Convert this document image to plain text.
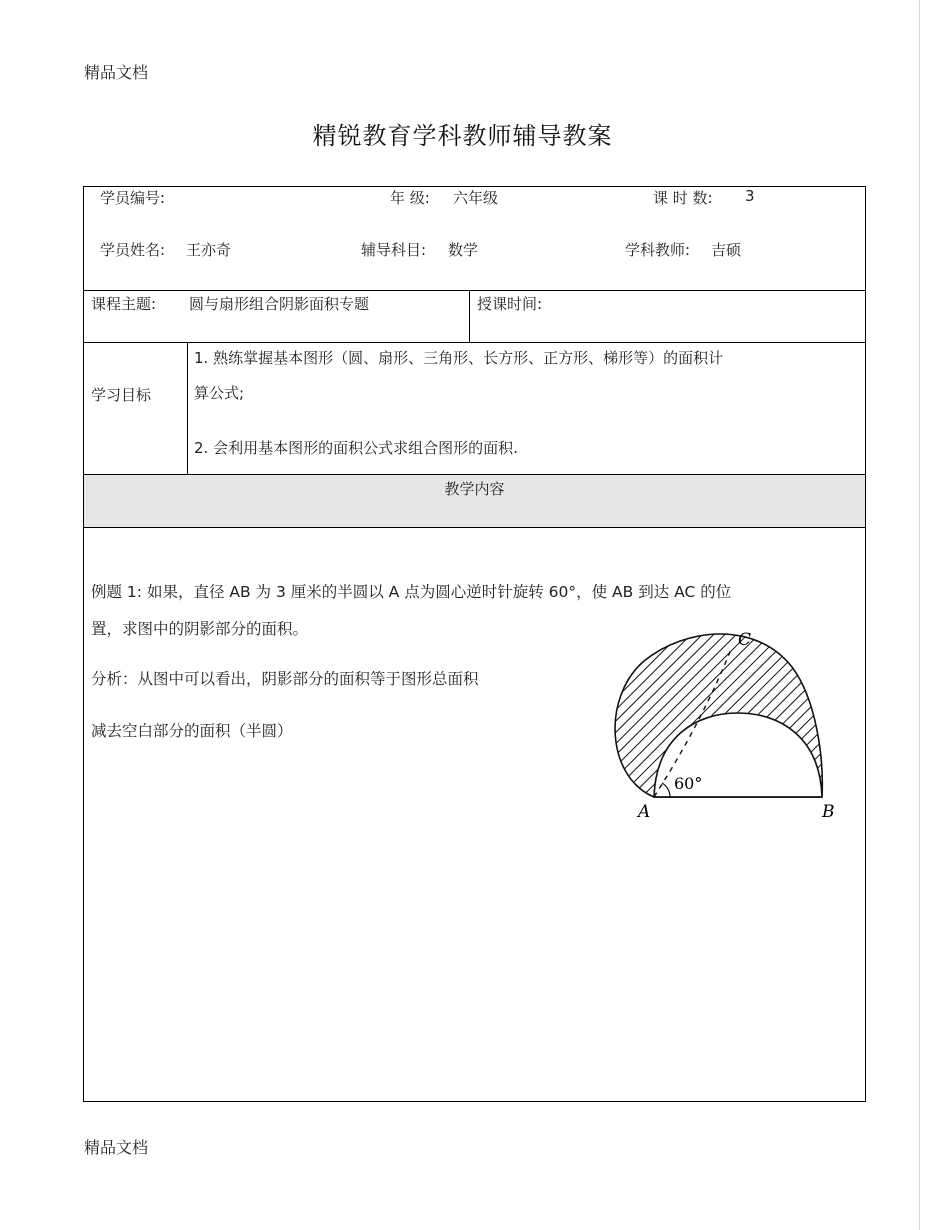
精品文档
精锐教育学科教师辅导教案
学员编号:	年 级: 六年级	课 时 数: 3
学员姓名: 王亦奇	辅导科目: 数学	学科教师: 吉硕
课程主题: 圆与扇形组合阴影面积专题	授课时间:
学习目标
1. 熟练掌握基本图形（圆、扇形、三角形、长方形、正方形、梯形等）的面积计
算公式;
2. 会利用基本图形的面积公式求组合图形的面积.
教学内容
例题 1: 如果，直径 AB 为 3 厘米的半圆以 A 点为圆心逆时针旋转 60°，使 AB 到达 AC 的位
置，求图中的阴影部分的面积。
分析：从图中可以看出，阴影部分的面积等于图形总面积
减去空白部分的面积（半圆）
60°
C
A	B
精品文档
